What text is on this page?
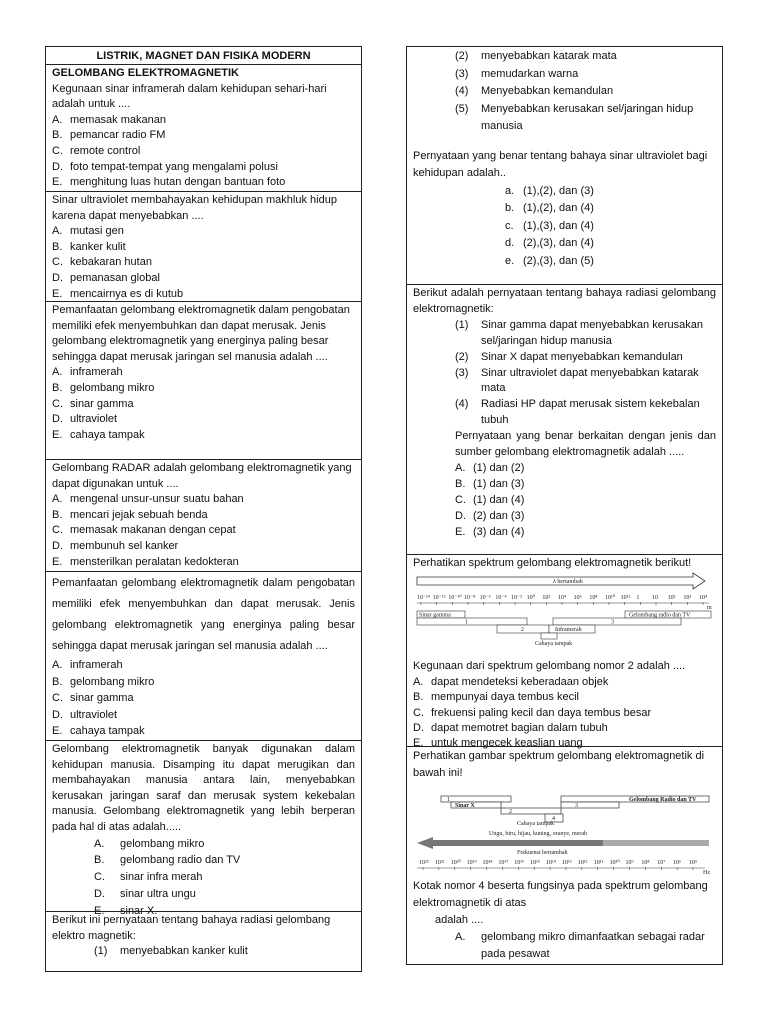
LISTRIK, MAGNET DAN FISIKA MODERN
GELOMBANG ELEKTROMAGNETIK
Kegunaan sinar inframerah dalam kehidupan sehari-hari adalah untuk ....
A. memasak makanan
B. pemancar radio FM
C. remote control
D. foto tempat-tempat yang mengalami polusi
E. menghitung luas hutan dengan bantuan foto
Sinar ultraviolet membahayakan kehidupan makhluk hidup karena dapat menyebabkan ....
A. mutasi gen
B. kanker kulit
C. kebakaran hutan
D. pemanasan global
E. mencairnya es di kutub
Pemanfaatan gelombang elektromagnetik dalam pengobatan memiliki efek menyembuhkan dan dapat merusak. Jenis gelombang elektromagnetik yang energinya paling besar sehingga dapat merusak jaringan sel manusia adalah ....
A. inframerah
B. gelombang mikro
C. sinar gamma
D. ultraviolet
E. cahaya tampak
Gelombang RADAR adalah gelombang elektromagnetik yang dapat digunakan untuk ....
A. mengenal unsur-unsur suatu bahan
B. mencari jejak sebuah benda
C. memasak makanan dengan cepat
D. membunuh sel kanker
E. mensterilkan peralatan kedokteran
Pemanfaatan gelombang elektromagnetik dalam pengobatan memiliki efek menyembuhkan dan dapat merusak. Jenis gelombang elektromagnetik yang energinya paling besar sehingga dapat merusak jaringan sel manusia adalah ....
A. inframerah
B. gelombang mikro
C. sinar gamma
D. ultraviolet
E. cahaya tampak
Gelombang elektromagnetik banyak digunakan dalam kehidupan manusia. Disamping itu dapat merugikan dan membahayakan manusia antara lain, menyebabkan kerusakan jaringan saraf dan merusak system kekebalan manusia. Gelombang elektromagnetik yang lebih berperan pada hal di atas adalah.....
A.	gelombang mikro
B.	gelombang radio dan TV
C.	sinar infra merah
D.	sinar ultra ungu
E.	sinar X.
Berikut ini pernyataan tentang bahaya radiasi gelombang elektro magnetik:
(1)	menyebabkan kanker kulit
(2)	menyebabkan katarak mata
(3)	memudarkan warna
(4)	Menyebabkan kemandulan
(5)	Menyebabkan kerusakan sel/jaringan hidup manusia
Pernyataan yang benar tentang bahaya sinar ultraviolet bagi kehidupan adalah..
a. (1),(2), dan (3)
b. (1),(2), dan (4)
c. (1),(3), dan (4)
d. (2),(3), dan (4)
e. (2),(3), dan (5)
Berikut adalah pernyataan tentang bahaya radiasi gelombang elektromagnetik:
(1)	Sinar gamma dapat menyebabkan kerusakan sel/jaringan hidup manusia
(2)	Sinar X dapat menyebabkan kemandulan
(3)	Sinar ultraviolet dapat menyebabkan katarak mata
(4)	Radiasi HP dapat merusak sistem kekebalan tubuh
Pernyataan yang benar berkaitan dengan jenis dan sumber gelombang elektromagnetik adalah .....
A. (1) dan (2)
B. (1) dan (3)
C. (1) dan (4)
D. (2) dan (3)
E. (3) dan (4)
Perhatikan spektrum gelombang elektromagnetik berikut!
λ bertambah
10⁻¹⁴ 10⁻¹² 10⁻¹⁰ 10⁻⁸ 10⁻⁶ 10⁻⁴ 10⁻² 10⁰ 10² 10⁴ 10⁶ 10⁸ 10¹⁰ 10¹² 1 10 10² 10³ 10⁴
m
Sinar gamma	Gelombang radio dan TV
1	3
2	Inframerah
Cahaya tampak
Kegunaan dari spektrum gelombang nomor 2 adalah ....
A. dapat mendeteksi keberadaan objek
B. mempunyai daya tembus kecil
C. frekuensi paling kecil dan daya tembus besar
D. dapat memotret bagian dalam tubuh
E. untuk mengecek keaslian uang
Perhatikan gambar spektrum gelombang elektromagnetik di bawah ini!
1
Sinar X
Gelombang Radio dan TV
2
3
4
Cahaya tampak
Ungu, biru, hijau, kuning, oranye, merah
Frekuensi bertambah
10²³ 10²¹ 10²⁰ 10¹⁹ 10¹⁸ 10¹⁷ 10¹⁶ 10¹⁵ 10¹⁴ 10¹³ 10¹² 10¹¹ 10¹⁰ 10⁹ 10⁸ 10⁷ 10⁶ 10⁵
Hz
Kotak nomor 4 beserta fungsinya pada spektrum gelombang elektromagnetik di atas
adalah ....
A.	gelombang mikro dimanfaatkan sebagai radar pada pesawat
